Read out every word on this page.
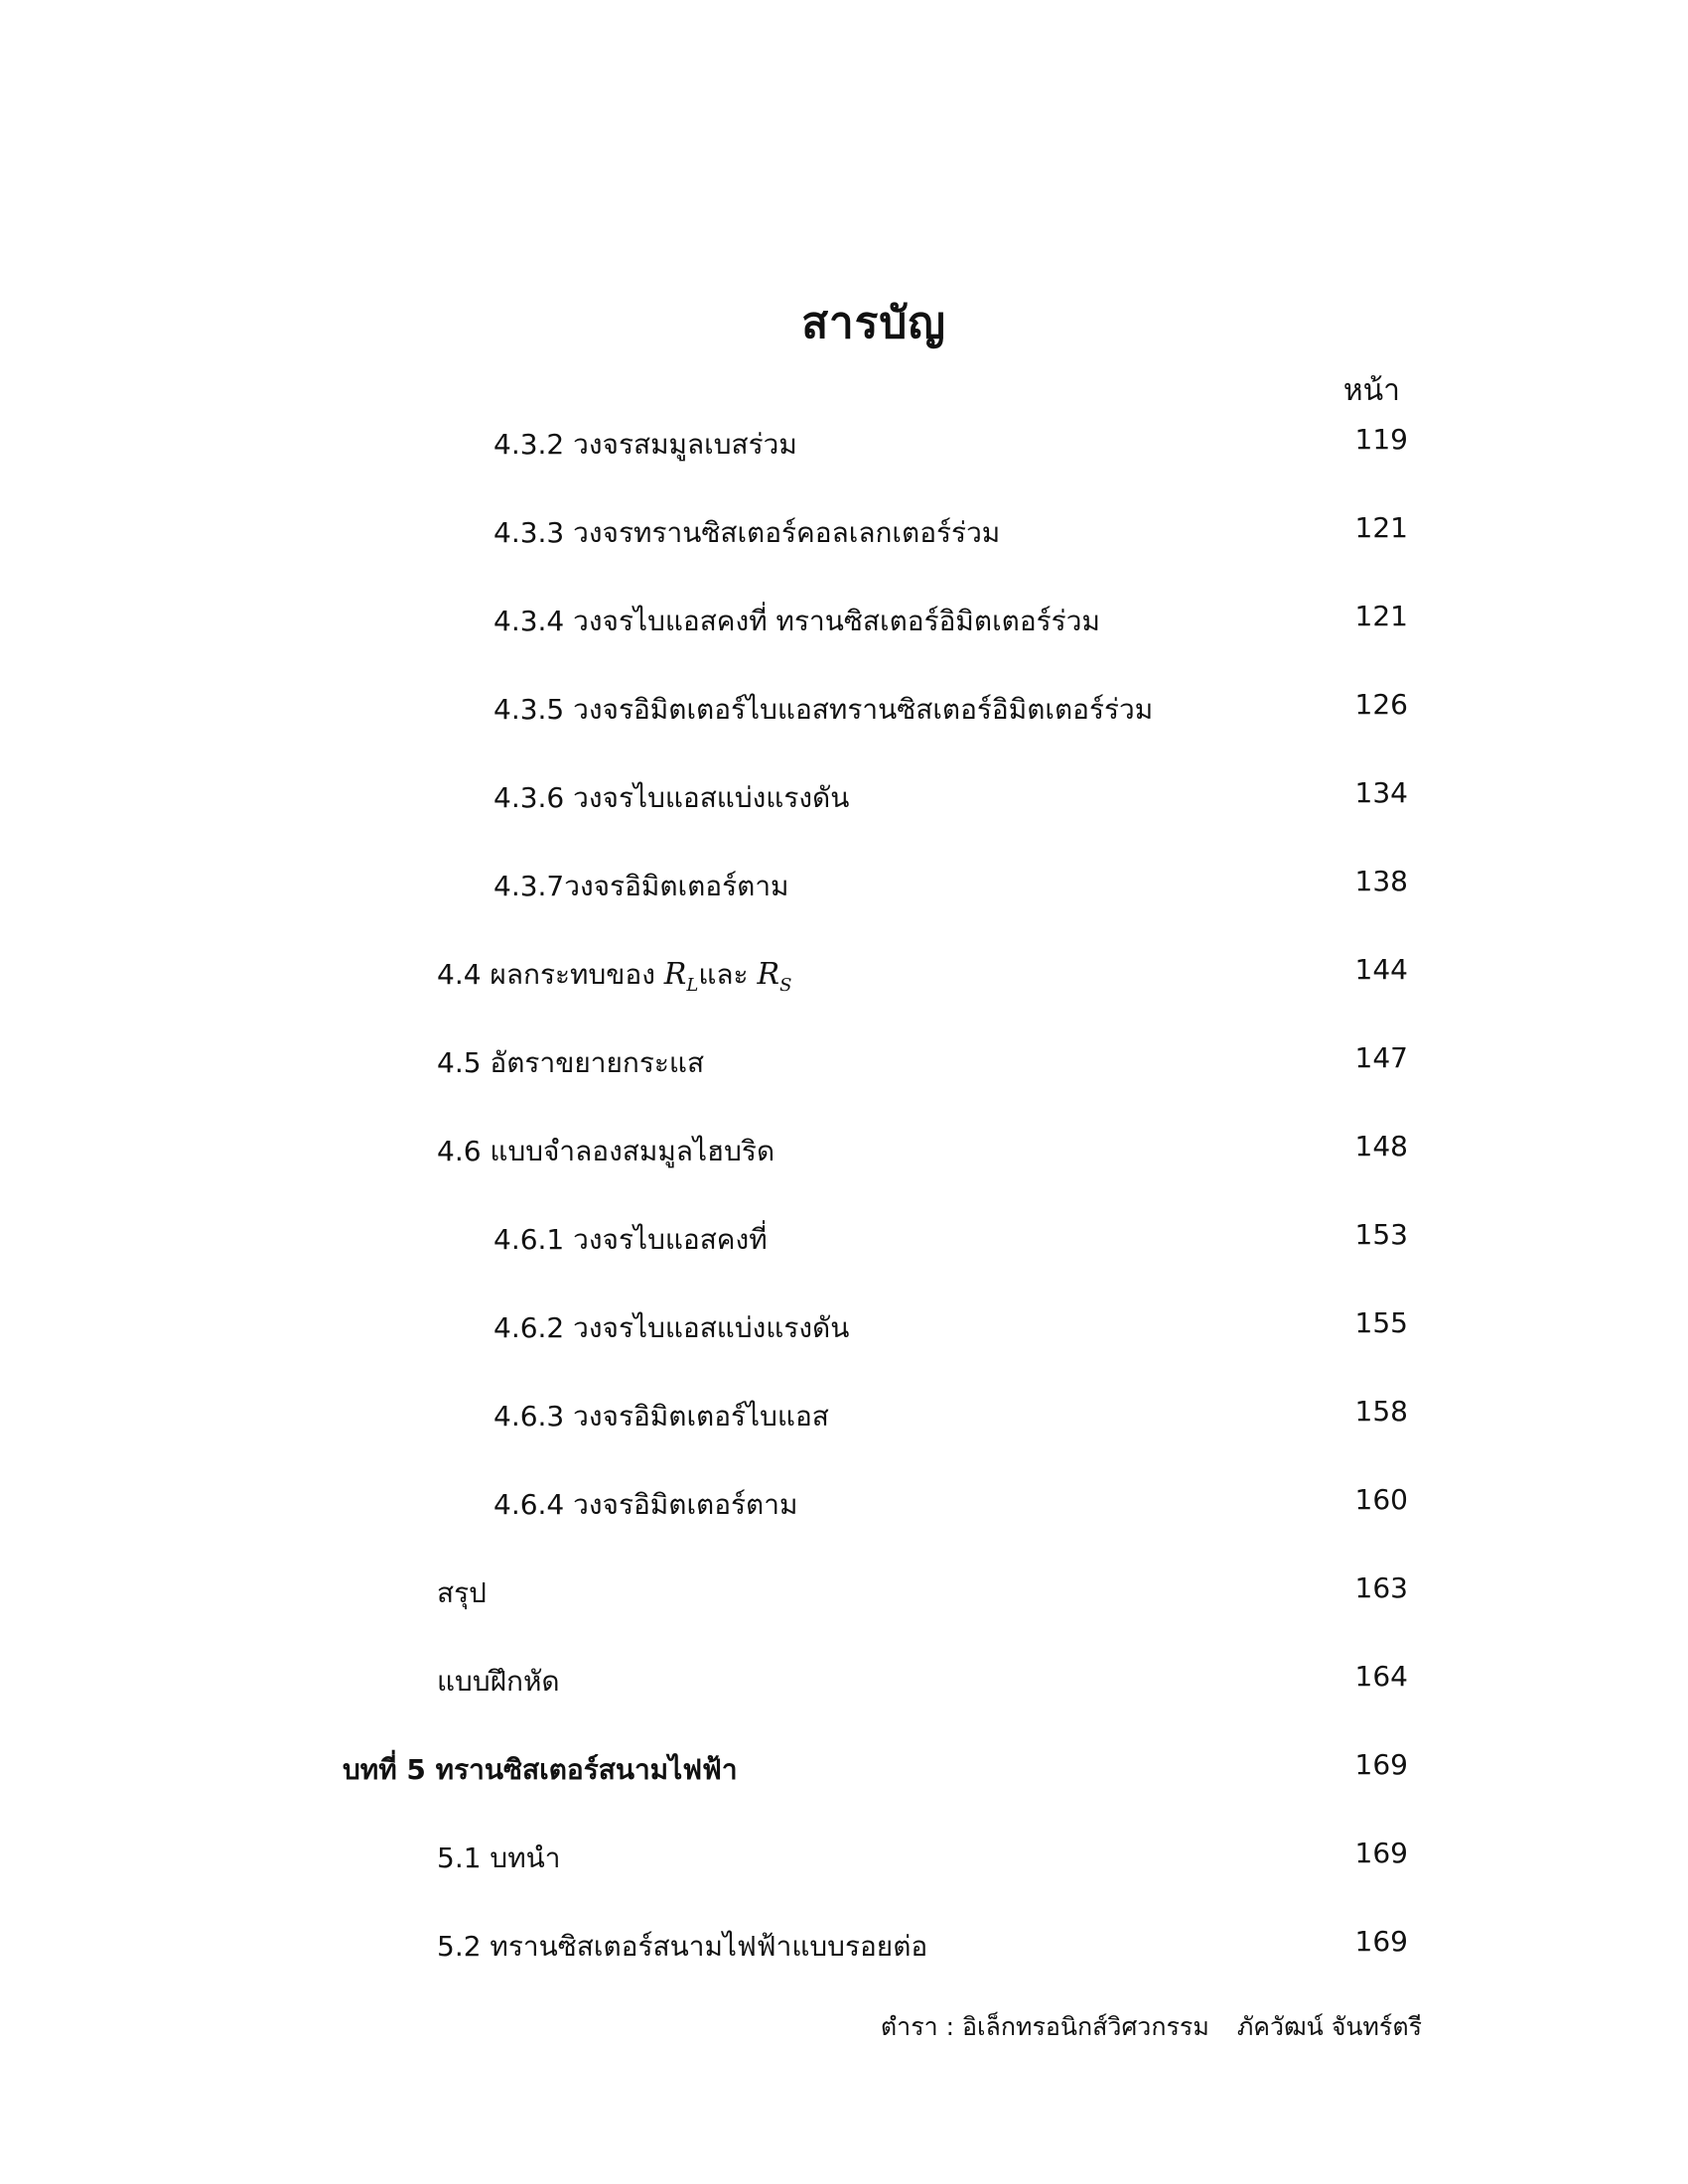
สารบัญ
หน้า
4.3.2 วงจรสมมูลเบสร่วม	119
4.3.3 วงจรทรานซิสเตอร์คอลเลกเตอร์ร่วม	121
4.3.4 วงจรไบแอสคงที่ ทรานซิสเตอร์อิมิตเตอร์ร่วม	121
4.3.5 วงจรอิมิตเตอร์ไบแอสทรานซิสเตอร์อิมิตเตอร์ร่วม	126
4.3.6 วงจรไบแอสแบ่งแรงดัน	134
4.3.7วงจรอิมิตเตอร์ตาม	138
4.4 ผลกระทบของ $R_L$และ $R_S$	144
4.5 อัตราขยายกระแส	147
4.6 แบบจำลองสมมูลไฮบริด	148
4.6.1 วงจรไบแอสคงที่	153
4.6.2 วงจรไบแอสแบ่งแรงดัน	155
4.6.3 วงจรอิมิตเตอร์ไบแอส	158
4.6.4 วงจรอิมิตเตอร์ตาม	160
สรุป	163
แบบฝึกหัด	164
บทที่ 5 ทรานซิสเตอร์สนามไฟฟ้า	169
5.1 บทนำ	169
5.2 ทรานซิสเตอร์สนามไฟฟ้าแบบรอยต่อ	169
ตำรา : อิเล็กทรอนิกส์วิศวกรรม ภัควัฒน์ จันทร์ตรี
